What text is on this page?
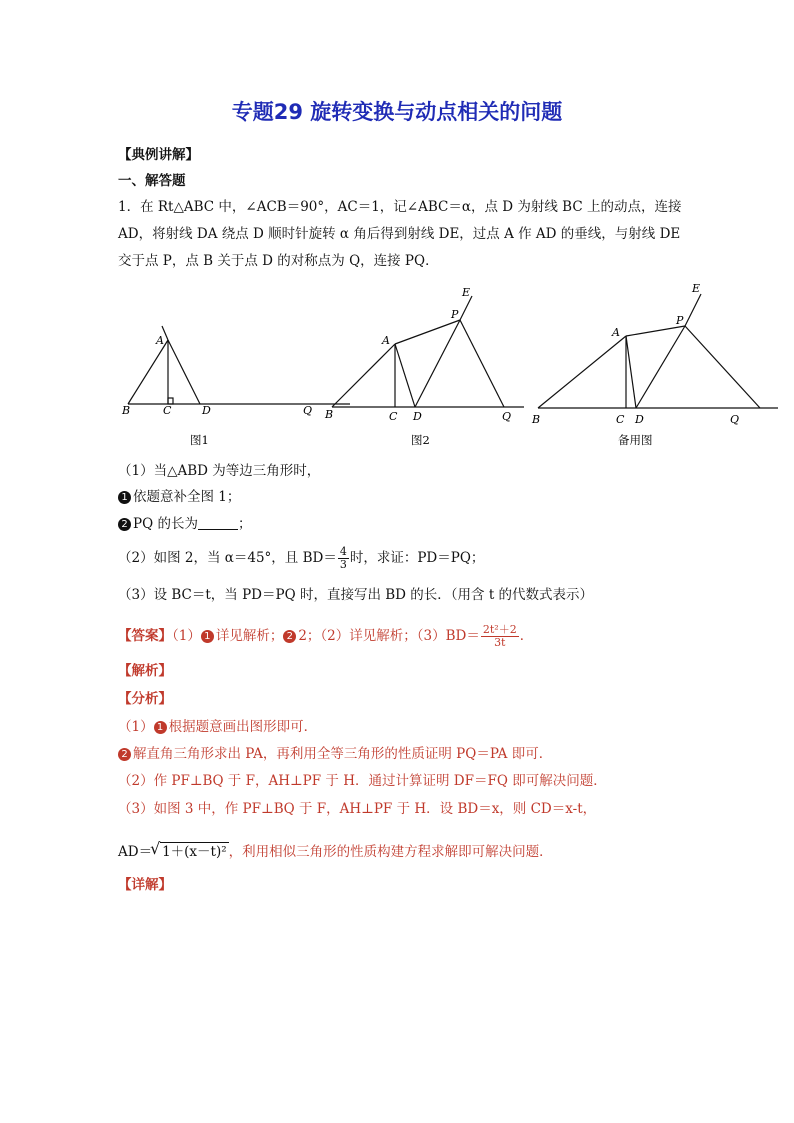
专题29 旋转变换与动点相关的问题
【典例讲解】
一、解答题
1．在 Rt△ABC 中，∠ACB＝90°，AC＝1，记∠ABC＝α，点 D 为射线 BC 上的动点，连接
AD，将射线 DA 绕点 D 顺时针旋转 α 角后得到射线 DE，过点 A 作 AD 的垂线，与射线 DE
交于点 P，点 B 关于点 D 的对称点为 Q，连接 PQ．
A
B	C	D	Q
图1
A
B	C D	Q
P
E
图2
A
B	C D	Q
P
E
备用图
（1）当△ABD 为等边三角形时，
1 依题意补全图 1；
2 PQ 的长为	；
（2）如图 2，当 α＝45°，且 $BD= \frac{4}{3}$ 时，求证：PD＝PQ；
（3）设 BC＝t，当 PD＝PQ 时，直接写出 BD 的长．（用含 t 的代数式表示）
【答案】（1） 1 详见解析； 2 2；（2）详见解析；$(3)BD= \frac{\text{2t²＋2}}{3t}$ ．
【解析】
【分析】
（1） 1 根据题意画出图形即可．
2 解直角三角形求出 PA，再利用全等三角形的性质证明 PQ＝PA 即可．
（2）作 PF⊥BQ 于 F，AH⊥PF 于 H．通过计算证明 DF＝FQ 即可解决问题．
（3）如图 3 中，作 PF⊥BQ 于 F，AH⊥PF 于 H．设 BD＝x，则 CD＝x-t，
AD＝√ 1＋(x－t)² ，利用相似三角形的性质构建方程求解即可解决问题．
【详解】
